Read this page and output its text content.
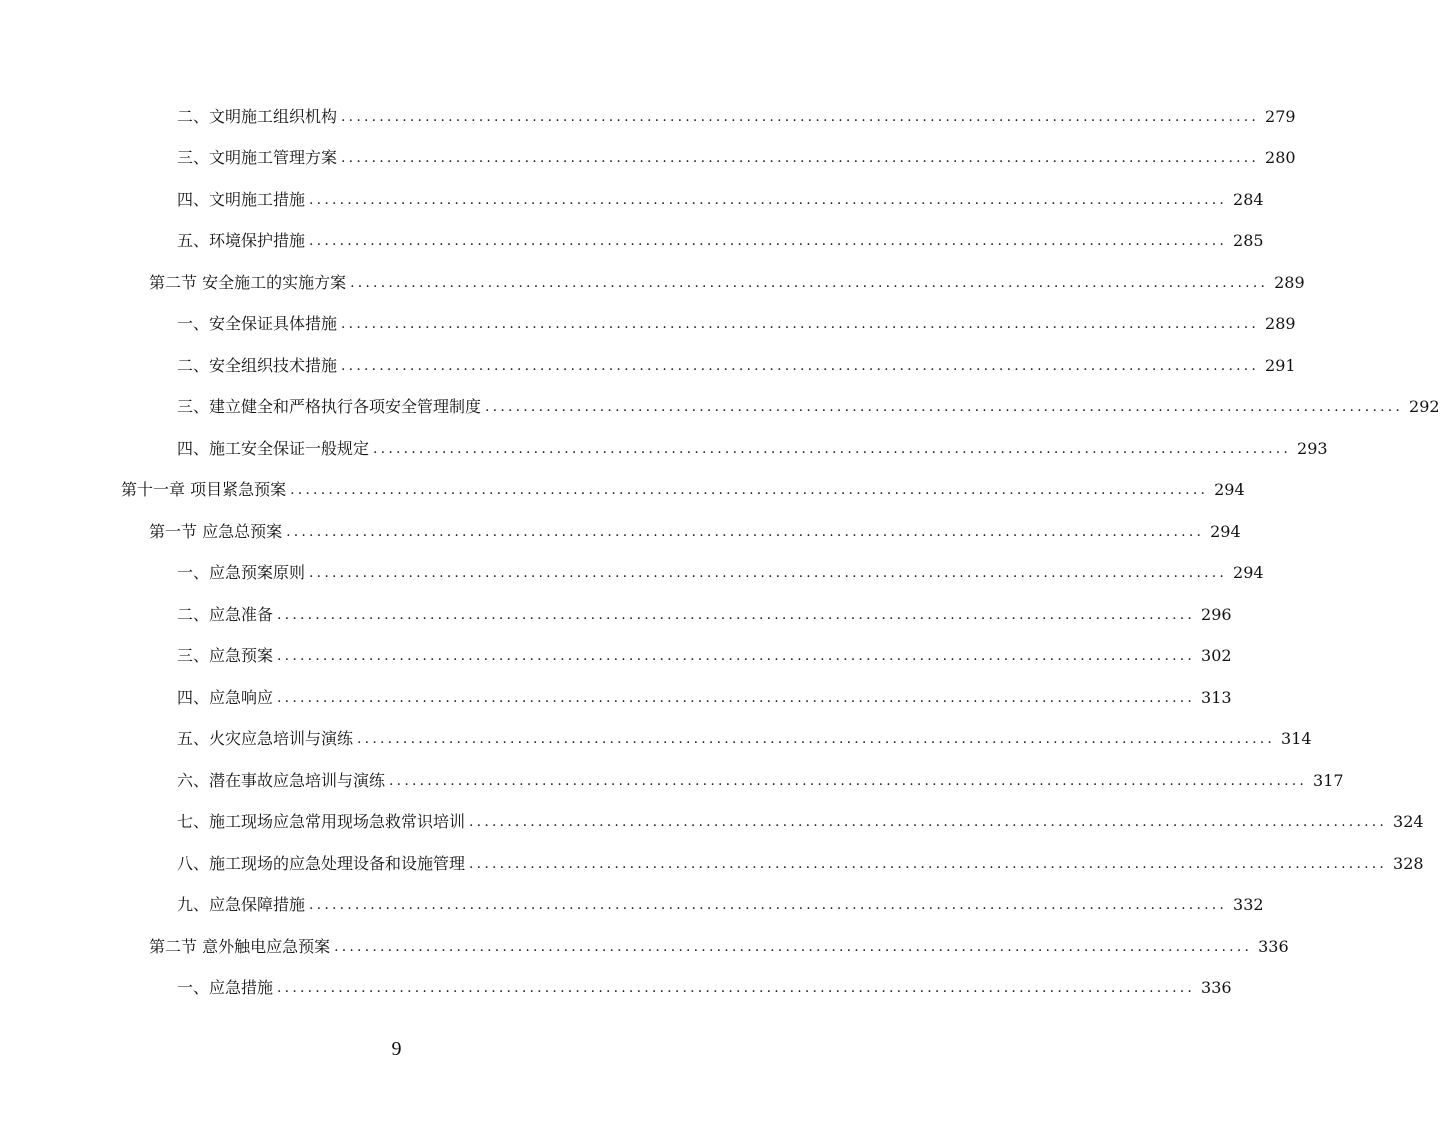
二、文明施工组织机构 ........................................................................................................................ 279
三、文明施工管理方案 ........................................................................................................................ 280
四、文明施工措施 ........................................................................................................................ 284
五、环境保护措施 ........................................................................................................................ 285
第二节 安全施工的实施方案 ........................................................................................................................ 289
一、安全保证具体措施 ........................................................................................................................ 289
二、安全组织技术措施 ........................................................................................................................ 291
三、建立健全和严格执行各项安全管理制度 ........................................................................................................................ 292
四、施工安全保证一般规定 ........................................................................................................................ 293
第十一章 项目紧急预案 ........................................................................................................................ 294
第一节 应急总预案 ........................................................................................................................ 294
一、应急预案原则 ........................................................................................................................ 294
二、应急准备 ........................................................................................................................ 296
三、应急预案 ........................................................................................................................ 302
四、应急响应 ........................................................................................................................ 313
五、火灾应急培训与演练 ........................................................................................................................ 314
六、潜在事故应急培训与演练 ........................................................................................................................ 317
七、施工现场应急常用现场急救常识培训 ........................................................................................................................ 324
八、施工现场的应急处理设备和设施管理 ........................................................................................................................ 328
九、应急保障措施 ........................................................................................................................ 332
第二节 意外触电应急预案 ........................................................................................................................ 336
一、应急措施 ........................................................................................................................ 336
9
